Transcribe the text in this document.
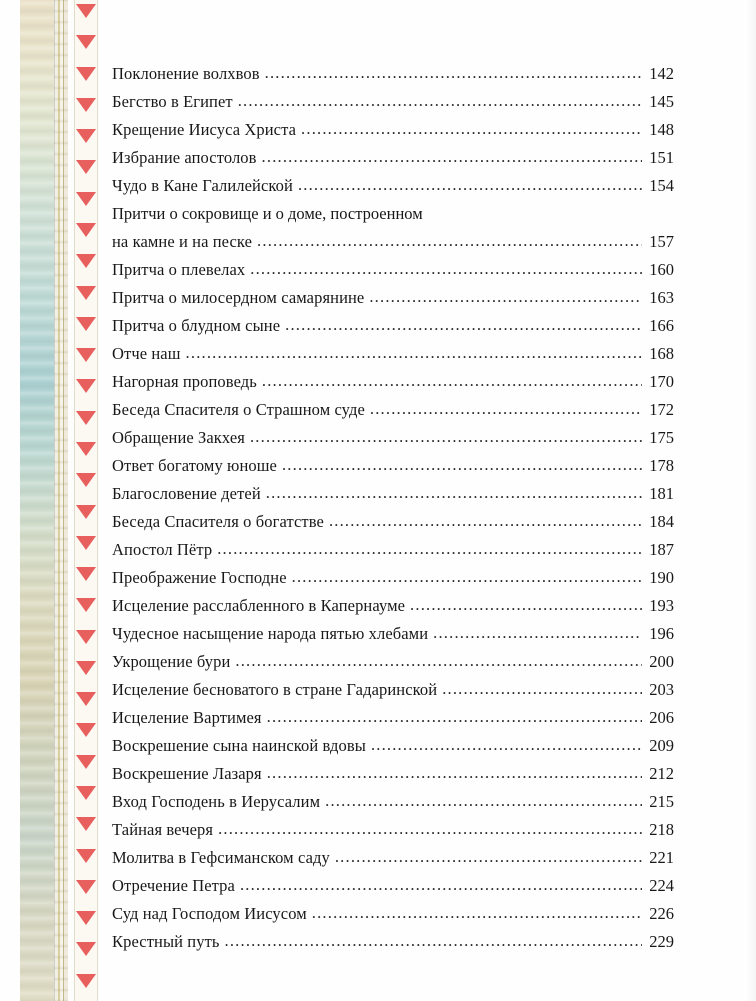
Поклонение волхвов .....	142
Бегство в Египет .....	145
Крещение Иисуса Христа .....	148
Избрание апостолов .....	151
Чудо в Кане Галилейской .....	154
Притчи о сокровище и о доме, построенном
на камне и на песке .....	157
Притча о плевелах .....	160
Притча о милосердном самарянине .....	163
Притча о блудном сыне .....	166
Отче наш .....	168
Нагорная проповедь .....	170
Беседа Спасителя о Страшном суде .....	172
Обращение Закхея .....	175
Ответ богатому юноше .....	178
Благословение детей .....	181
Беседа Спасителя о богатстве .....	184
Апостол Пётр .....	187
Преображение Господне .....	190
Исцеление расслабленного в Капернауме .....	193
Чудесное насыщение народа пятью хлебами .....	196
Укрощение бури .....	200
Исцеление бесноватого в стране Гадаринской .....	203
Исцеление Вартимея .....	206
Воскрешение сына наинской вдовы .....	209
Воскрешение Лазаря .....	212
Вход Господень в Иерусалим .....	215
Тайная вечеря .....	218
Молитва в Гефсиманском саду .....	221
Отречение Петра .....	224
Суд над Господом Иисусом .....	226
Крестный путь .....	229
